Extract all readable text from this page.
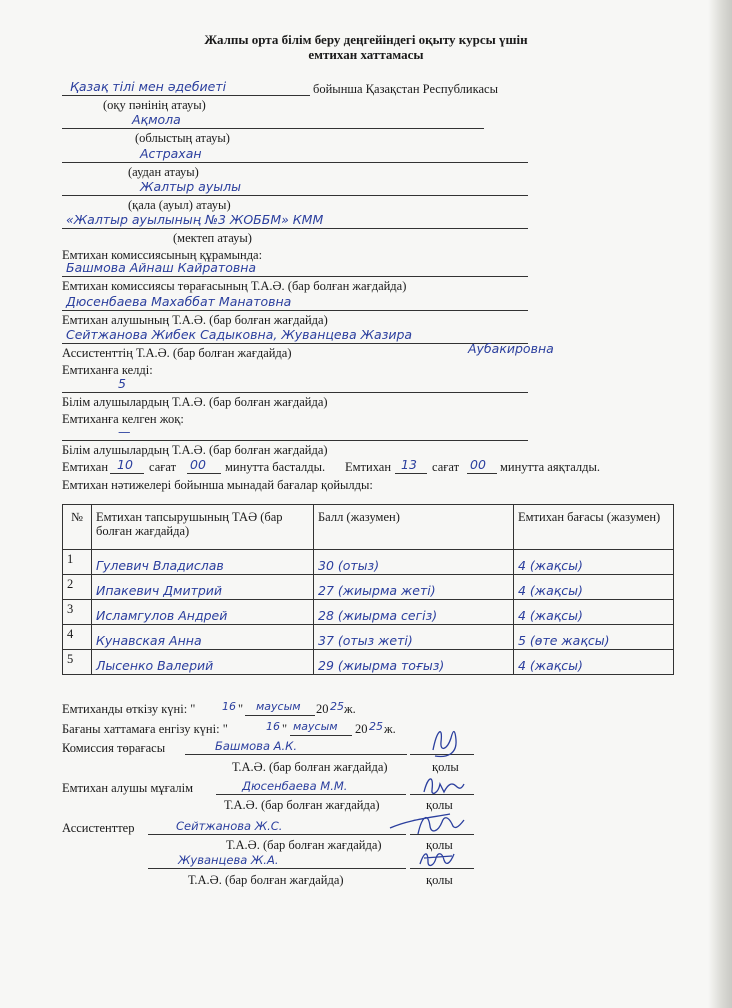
Жалпы орта білім беру деңгейіндегі оқыту курсы үшін
емтихан хаттамасы
Қазақ тілі мен әдебиеті	бойынша Қазақстан Республикасы
(оқу пәнінің атауы)
Ақмола
(облыстың атауы)
Астрахан
(аудан атауы)
Жалтыр ауылы
(қала (ауыл) атауы)
«Жалтыр ауылының №3 ЖОББМ» КММ
(мектеп атауы)
Емтихан комиссиясының құрамында:
Башмова Айнаш Кайратовна
Емтихан комиссиясы төрағасының Т.А.Ә. (бар болған жағдайда)
Дюсенбаева Махаббат Манатовна
Емтихан алушының Т.А.Ә. (бар болған жағдайда)
Сейтжанова Жибек Садыковна, Жуванцева Жазира
Аубакировна
Ассистенттің Т.А.Ә. (бар болған жағдайда)
Емтиханға келді:
5
Білім алушылардың Т.А.Ә. (бар болған жағдайда)
Емтиханға келген жоқ:
—
Білім алушылардың Т.А.Ә. (бар болған жағдайда)
Емтихан 10 сағат 00 минутта басталды. Емтихан 13 сағат 00 минутта аяқталды.
Емтихан нәтижелері бойынша мынадай бағалар қойылды:
№	Емтихан тапсырушының ТАӘ (бар болған жағдайда)	Балл (жазумен)	Емтихан бағасы (жазумен)
1	Гулевич Владислав	30 (отыз)	4 (жақсы)
2	Ипакевич Дмитрий	27 (жиырма жеті)	4 (жақсы)
3	Исламгулов Андрей	28 (жиырма сегіз)	4 (жақсы)
4	Кунавская Анна	37 (отыз жеті)	5 (өте жақсы)
5	Лысенко Валерий	29 (жиырма тоғыз)	4 (жақсы)
Емтиханды өткізу күні: " 16 " маусым 20 25 ж.
Бағаны хаттамаға енгізу күні: "	16 " маусым 20 25 ж.
Комиссия төрағасы	Башмова А.К.
Т.А.Ә. (бар болған жағдайда)	қолы
Емтихан алушы мұғалім	Дюсенбаева М.М.
Т.А.Ә. (бар болған жағдайда)	қолы
Ассистенттер	Сейтжанова Ж.С.
Т.А.Ә. (бар болған жағдайда)	қолы
Жуванцева Ж.А.
Т.А.Ә. (бар болған жағдайда)	қолы
